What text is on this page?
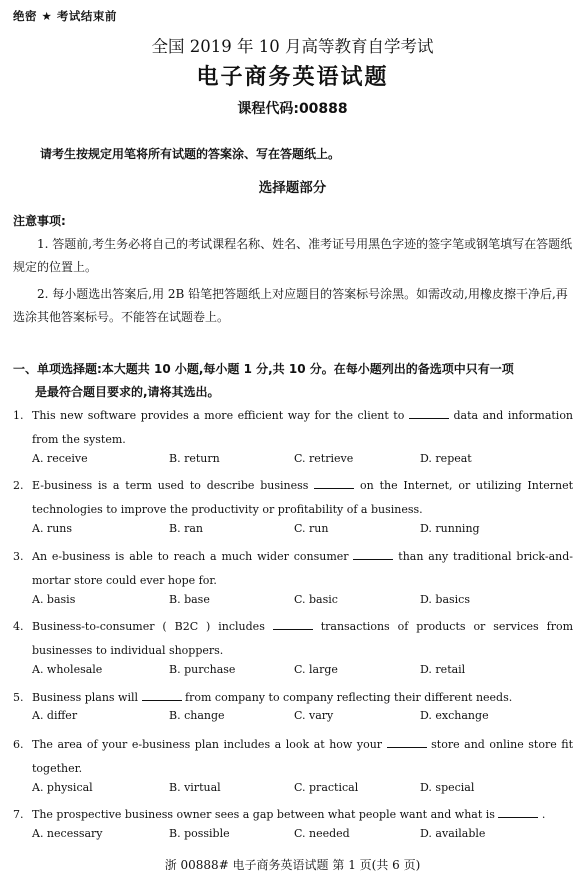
绝密 ★ 考试结束前
全国 2019 年 10 月高等教育自学考试
电子商务英语试题
课程代码:00888
请考生按规定用笔将所有试题的答案涂、写在答题纸上。
选择题部分
注意事项:
1. 答题前,考生务必将自己的考试课程名称、姓名、准考证号用黑色字迹的签字笔或钢笔填写在答题纸规定的位置上。
2. 每小题选出答案后,用 2B 铅笔把答题纸上对应题目的答案标号涂黑。如需改动,用橡皮擦干净后,再选涂其他答案标号。不能答在试题卷上。
一、单项选择题:本大题共 10 小题,每小题 1 分,共 10 分。在每小题列出的备选项中只有一项
是最符合题目要求的,请将其选出。
1. This new software provides a more efficient way for the client to	data and information from the system.
A. receive	B. return	C. retrieve	D. repeat
2. E-business is a term used to describe business	on the Internet, or utilizing Internet technologies to improve the productivity or profitability of a business.
A. runs	B. ran	C. run	D. running
3. An e-business is able to reach a much wider consumer	than any traditional brick-and-mortar store could ever hope for.
A. basis	B. base	C. basic	D. basics
4. Business-to-consumer ( B2C ) includes	transactions of products or services from businesses to individual shoppers.
A. wholesale	B. purchase	C. large	D. retail
5. Business plans will	from company to company reflecting their different needs.
A. differ	B. change	C. vary	D. exchange
6. The area of your e-business plan includes a look at how your	store and online store fit together.
A. physical	B. virtual	C. practical	D. special
7. The prospective business owner sees a gap between what people want and what is	.
A. necessary	B. possible	C. needed	D. available
浙 00888# 电子商务英语试题 第 1 页(共 6 页)
